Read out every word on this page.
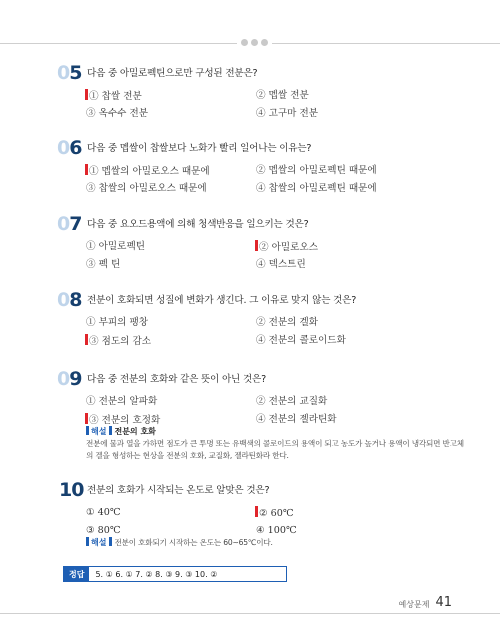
05 다음 중 아밀로펙틴으로만 구성된 전분은?
① 찹쌀 전분	② 멥쌀 전분
③ 옥수수 전분	④ 고구마 전분
06 다음 중 멥쌀이 찹쌀보다 노화가 빨리 일어나는 이유는?
① 멥쌀의 아밀로오스 때문에	② 멥쌀의 아밀로펙틴 때문에
③ 찹쌀의 아밀로오스 때문에	④ 찹쌀의 아밀로펙틴 때문에
07 다음 중 요오드용액에 의해 청색반응을 일으키는 것은?
① 아밀로펙틴	② 아밀로오스
③ 펙 틴	④ 덱스트린
08 전분이 호화되면 성질에 변화가 생긴다. 그 이유로 맞지 않는 것은?
① 부피의 팽창	② 전분의 겔화
③ 점도의 감소	④ 전분의 콜로이드화
09 다음 중 전분의 호화와 같은 뜻이 아닌 것은?
① 전분의 알파화	② 전분의 교질화
③ 전분의 호정화	④ 전분의 젤라틴화
해설 전분의 호화
전분에 물과 열을 가하면 점도가 큰 투명 또는 유백색의 콜로이드의 용액이 되고 농도가 높거나 용액이 냉각되면 반고체의 겔을 형성하는 현상을 전분의 호화, 교질화, 젤라틴화라 한다.
10 전분의 호화가 시작되는 온도로 알맞은 것은?
① 40℃	② 60℃
③ 80℃	④ 100℃
해설 전분이 호화되기 시작하는 온도는 60~65℃이다.
정답	5. ① 6. ① 7. ② 8. ③ 9. ③ 10. ②
예상문제 41
